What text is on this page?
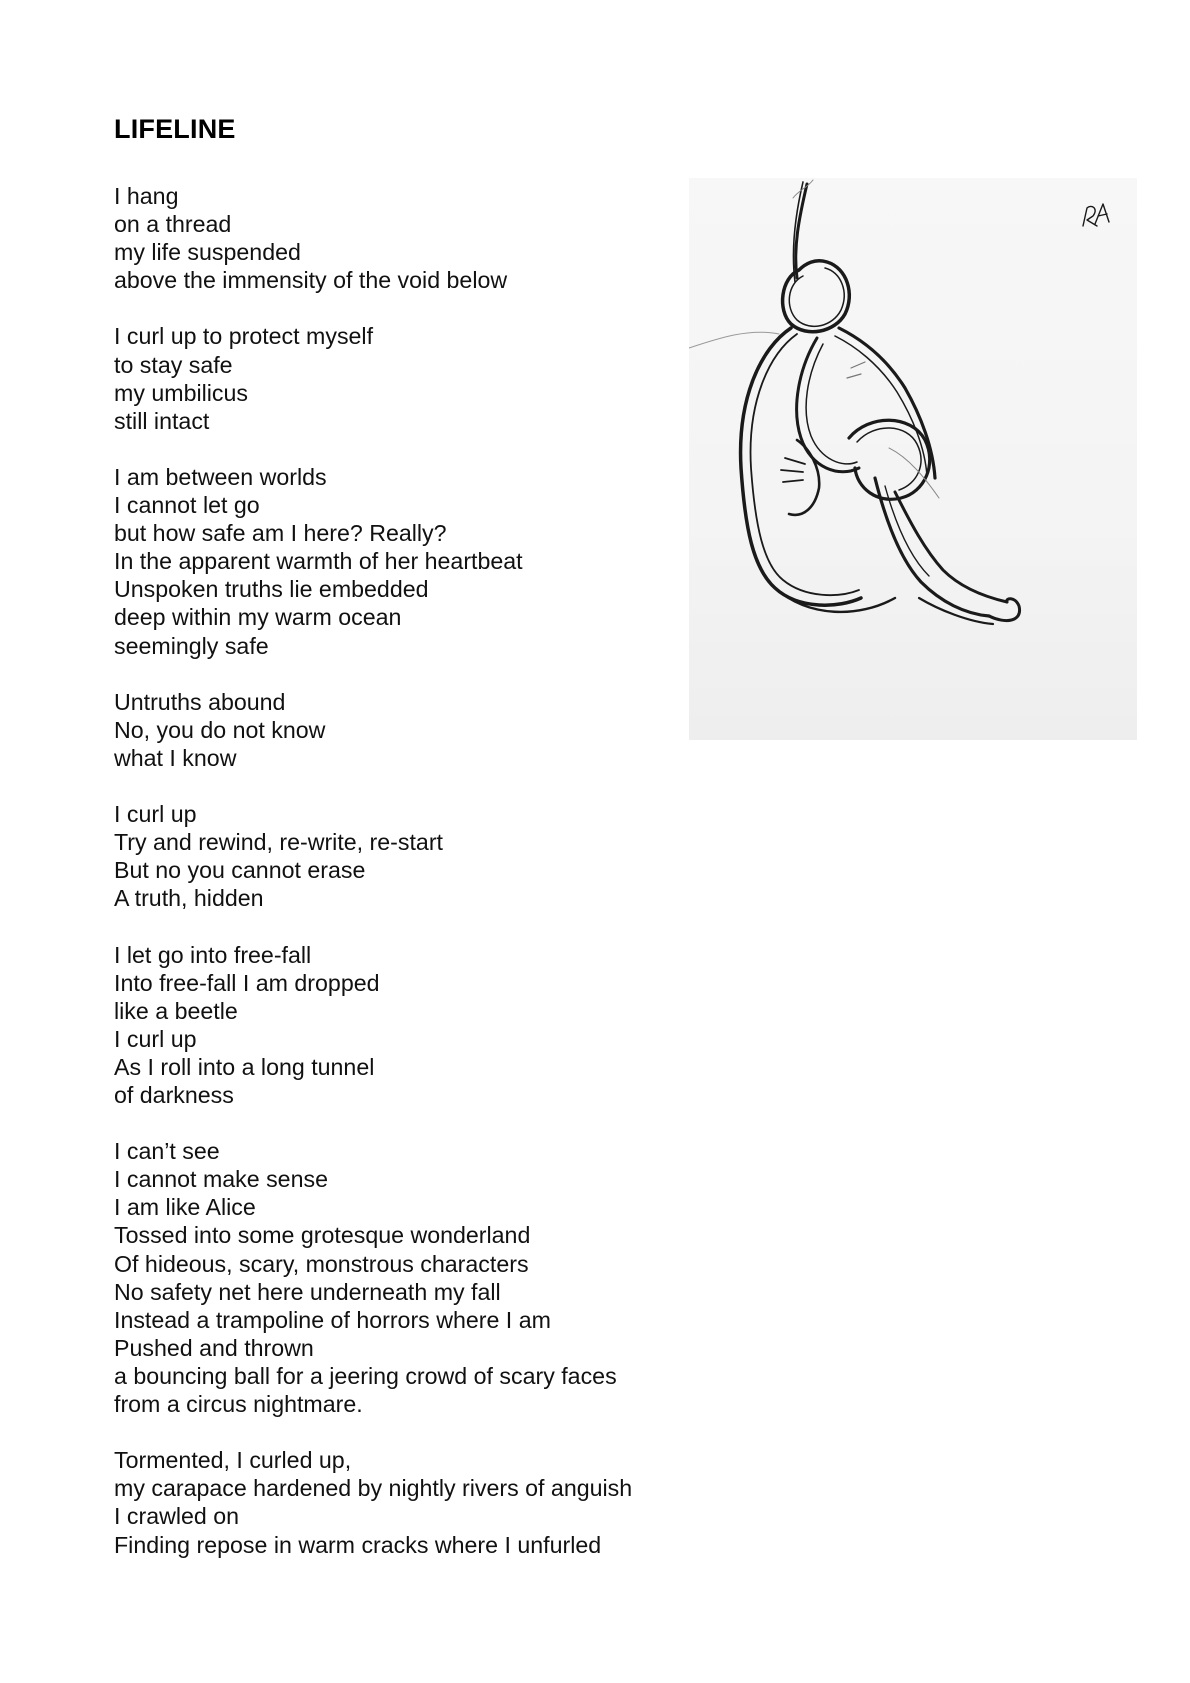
LIFELINE
I hang
on a thread
my life suspended
above the immensity of the void below
I curl up to protect myself
to stay safe
my umbilicus
still intact
I am between worlds
I cannot let go
but how safe am I here? Really?
In the apparent warmth of her heartbeat
Unspoken truths lie embedded
deep within my warm ocean
seemingly safe
Untruths abound
No, you do not know
what I know
I curl up
Try and rewind, re-write, re-start
But no you cannot erase
A truth, hidden
I let go into free-fall
Into free-fall I am dropped
like a beetle
I curl up
As I roll into a long tunnel
of darkness
I can’t see
I cannot make sense
I am like Alice
Tossed into some grotesque wonderland
Of hideous, scary, monstrous characters
No safety net here underneath my fall
Instead a trampoline of horrors where I am
Pushed and thrown
a bouncing ball for a jeering crowd of scary faces
from a circus nightmare.
Tormented, I curled up,
my carapace hardened by nightly rivers of anguish
I crawled on
Finding repose in warm cracks where I unfurled
RA
